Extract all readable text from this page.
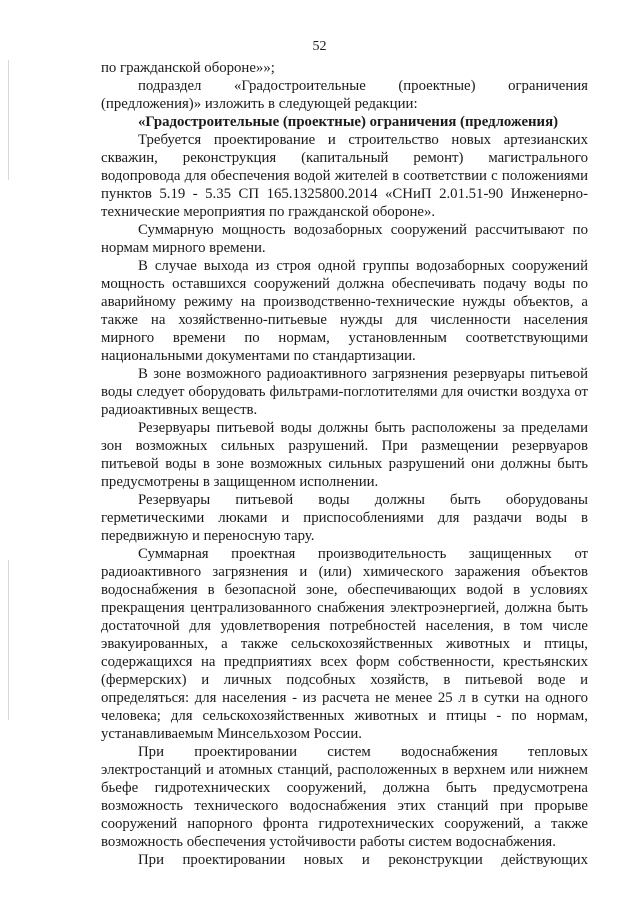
52
по гражданской обороне»»;
подраздел «Градостроительные (проектные) ограничения
(предложения)» изложить в следующей редакции:
«Градостроительные (проектные) ограничения (предложения)
Требуется проектирование и строительство новых артезианских
скважин, реконструкция (капитальный ремонт) магистрального
водопровода для обеспечения водой жителей в соответствии с положениями
пунктов 5.19 - 5.35 СП 165.1325800.2014 «СНиП 2.01.51-90 Инженерно-
технические мероприятия по гражданской обороне».
Суммарную мощность водозаборных сооружений рассчитывают по
нормам мирного времени.
В случае выхода из строя одной группы водозаборных сооружений
мощность оставшихся сооружений должна обеспечивать подачу воды по
аварийному режиму на производственно-технические нужды объектов, а
также на хозяйственно-питьевые нужды для численности населения
мирного времени по нормам, установленным соответствующими
национальными документами по стандартизации.
В зоне возможного радиоактивного загрязнения резервуары питьевой
воды следует оборудовать фильтрами-поглотителями для очистки воздуха от
радиоактивных веществ.
Резервуары питьевой воды должны быть расположены за пределами
зон возможных сильных разрушений. При размещении резервуаров
питьевой воды в зоне возможных сильных разрушений они должны быть
предусмотрены в защищенном исполнении.
Резервуары питьевой воды должны быть оборудованы
герметическими люками и приспособлениями для раздачи воды в
передвижную и переносную тару.
Суммарная проектная производительность защищенных от
радиоактивного загрязнения и (или) химического заражения объектов
водоснабжения в безопасной зоне, обеспечивающих водой в условиях
прекращения централизованного снабжения электроэнергией, должна быть
достаточной для удовлетворения потребностей населения, в том числе
эвакуированных, а также сельскохозяйственных животных и птицы,
содержащихся на предприятиях всех форм собственности, крестьянских
(фермерских) и личных подсобных хозяйств, в питьевой воде и
определяться: для населения - из расчета не менее 25 л в сутки на одного
человека; для сельскохозяйственных животных и птицы - по нормам,
устанавливаемым Минсельхозом России.
При проектировании систем водоснабжения тепловых
электростанций и атомных станций, расположенных в верхнем или нижнем
бьефе гидротехнических сооружений, должна быть предусмотрена
возможность технического водоснабжения этих станций при прорыве
сооружений напорного фронта гидротехнических сооружений, а также
возможность обеспечения устойчивости работы систем водоснабжения.
При проектировании новых и реконструкции действующих
